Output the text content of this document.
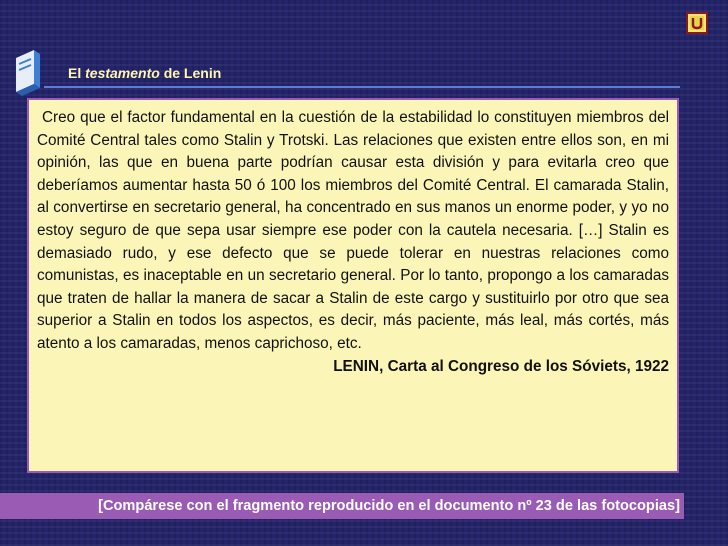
El testamento de Lenin

Creo que el factor fundamental en la cuestión de la estabilidad lo constituyen miembros del Comité Central tales como Stalin y Trotski. Las relaciones que existen entre ellos son, en mi opinión, las que en buena parte podrían causar esta división y para evitarla creo que deberíamos aumentar hasta 50 ó 100 los miembros del Comité Central. El camarada Stalin, al convertirse en secretario general, ha concentrado en sus manos un enorme poder, y yo no estoy seguro de que sepa usar siempre ese poder con la cautela necesaria. […] Stalin es demasiado rudo, y ese defecto que se puede tolerar en nuestras relaciones como comunistas, es inaceptable en un secretario general. Por lo tanto, propongo a los camaradas que traten de hallar la manera de sacar a Stalin de este cargo y sustituirlo por otro que sea superior a Stalin en todos los aspectos, es decir, más paciente, más leal, más cortés, más atento a los camaradas, menos caprichoso, etc.

LENIN, Carta al Congreso de los Sóviets, 1922

[Compárese con el fragmento reproducido en el documento nº 23 de las fotocopias]
